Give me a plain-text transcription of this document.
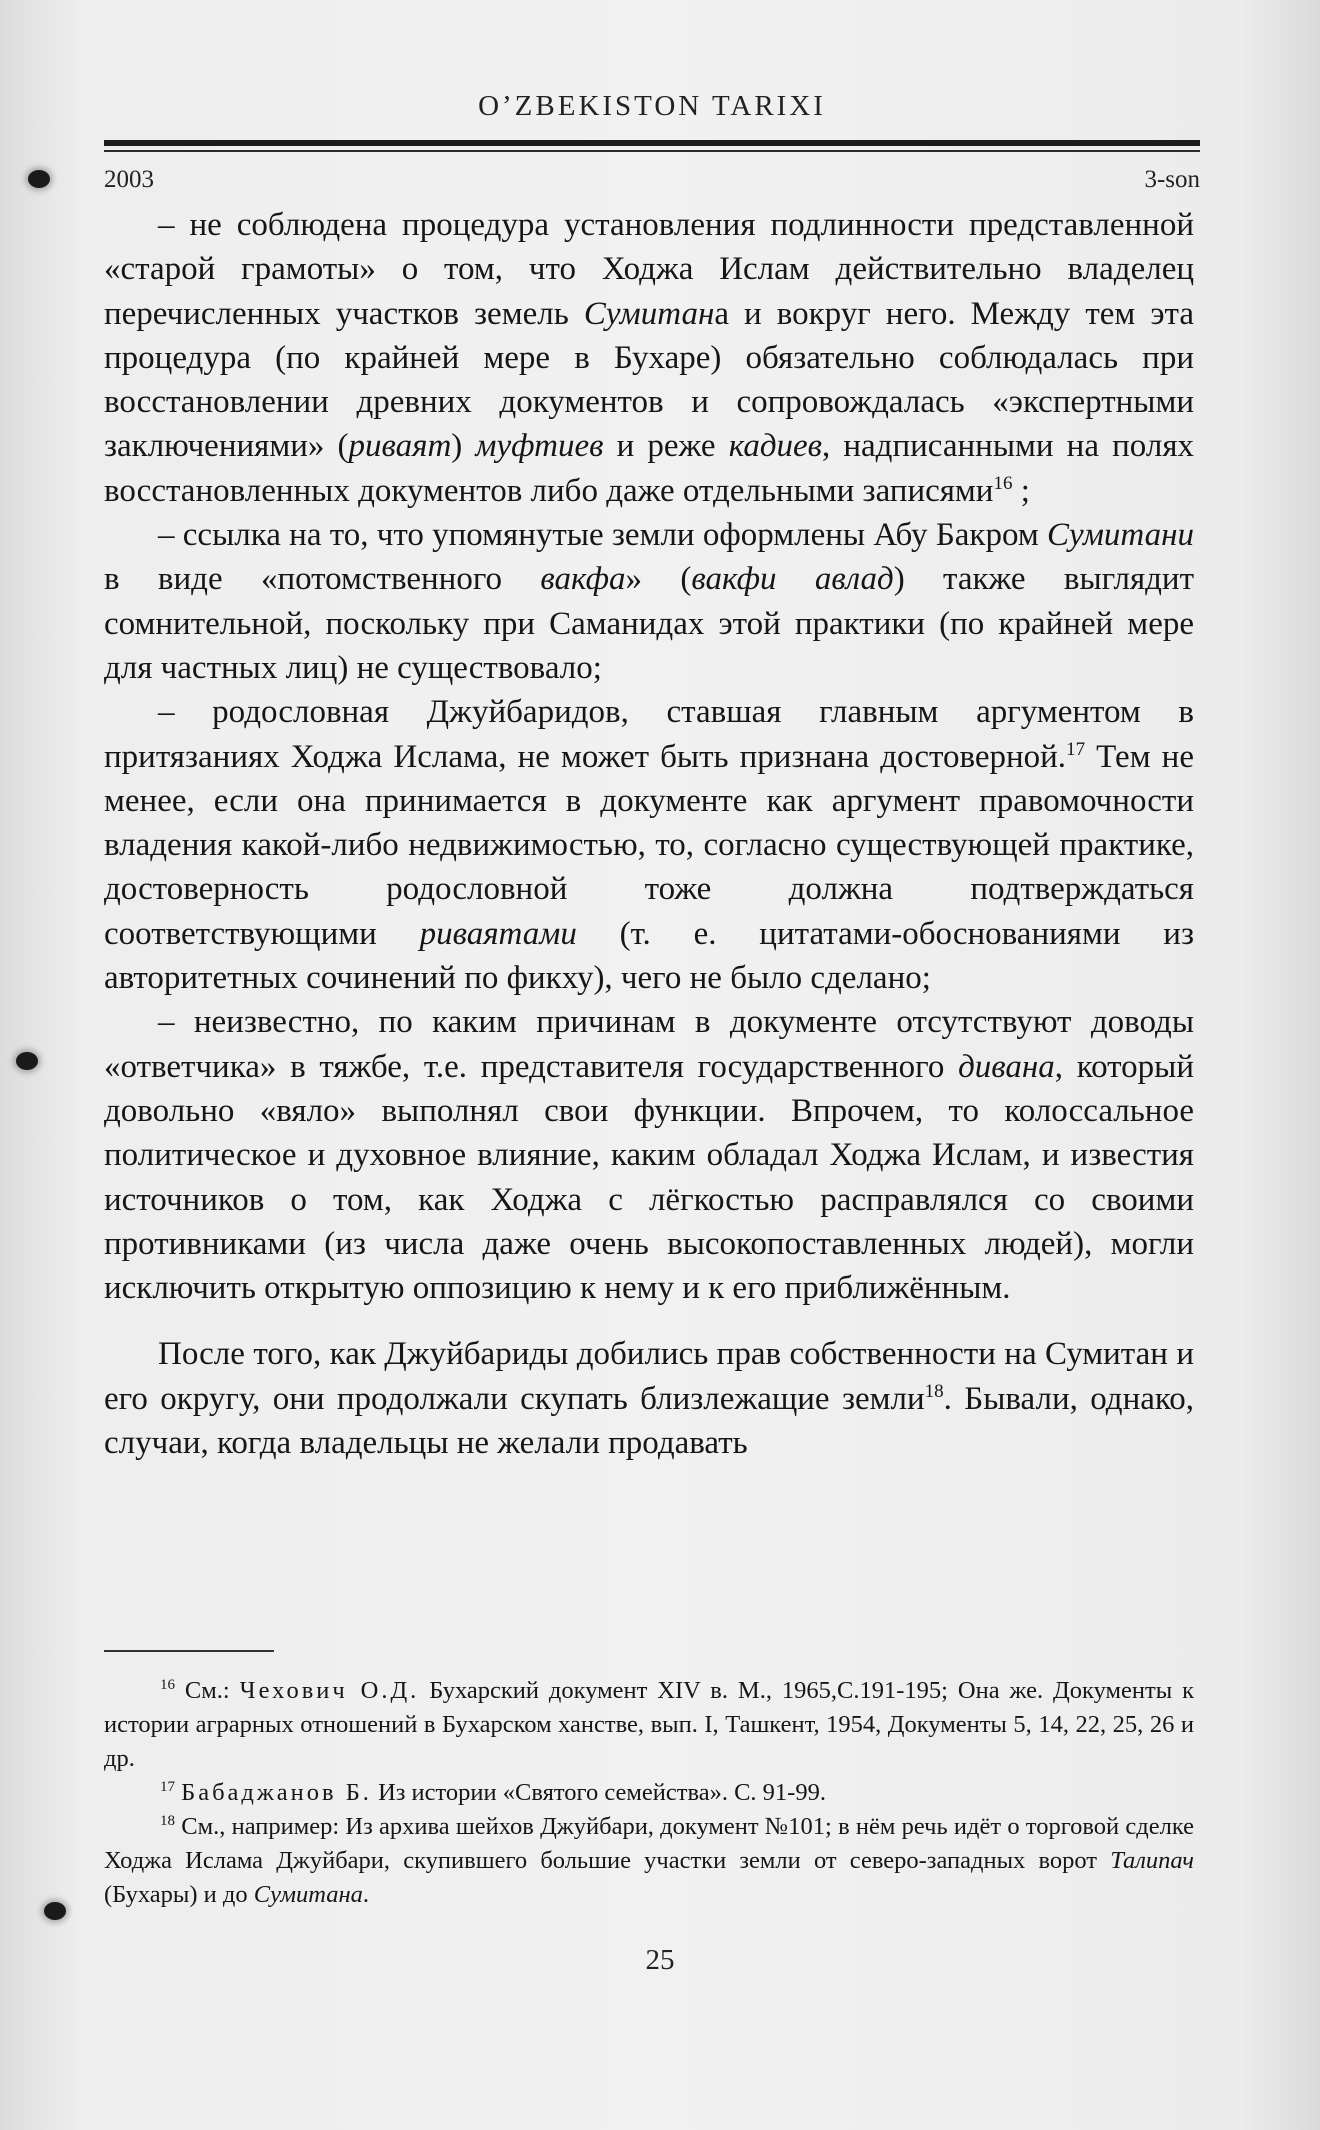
O’ZBEKISTON TARIXI
2003	3-son

– не соблюдена процедура установления подлинности представленной «старой грамоты» о том, что Ходжа Ислам действительно владелец перечисленных участков земель Сумитана и вокруг него. Между тем эта процедура (по крайней мере в Бухаре) обязательно соблюдалась при восстановлении древних документов и сопровождалась «экспертными заключениями» (риваят) муфтиев и реже кадиев, надписанными на полях восстановленных документов либо даже отдельными записями$^{16}$ ;

– ссылка на то, что упомянутые земли оформлены Абу Бакром Сумитани в виде «потомственного вакфа» (вакфи авлад) также выглядит сомнительной, поскольку при Саманидах этой практики (по крайней мере для частных лиц) не существовало;

– родословная Джуйбаридов, ставшая главным аргументом в притязаниях Ходжа Ислама, не может быть признана достоверной.$^{17}$ Тем не менее, если она принимается в документе как аргумент правомочности владения какой-либо недвижимостью, то, согласно существующей практике, достоверность родословной тоже должна подтверждаться соответствующими риваятами (т. е. цитатами-обоснованиями из авторитетных сочинений по фикху), чего не было сделано;

– неизвестно, по каким причинам в документе отсутствуют доводы «ответчика» в тяжбе, т.е. представителя государственного дивана, который довольно «вяло» выполнял свои функции. Впрочем, то колоссальное политическое и духовное влияние, каким обладал Ходжа Ислам, и известия источников о том, как Ходжа с лёгкостью расправлялся со своими противниками (из числа даже очень высокопоставленных людей), могли исключить открытую оппозицию к нему и к его приближённым.

После того, как Джуйбариды добились прав собственности на Сумитан и его округу, они продолжали скупать близлежащие земли$^{18}$. Бывали, однако, случаи, когда владельцы не желали продавать

$^{16}$ См.: Чехович О.Д. Бухарский документ XIV в. М., 1965,С.191-195; Она же. Документы к истории аграрных отношений в Бухарском ханстве, вып. I, Ташкент, 1954, Документы 5, 14, 22, 25, 26 и др.

$^{17}$ Бабаджанов Б. Из истории «Святого семейства». С. 91-99.

$^{18}$ См., например: Из архива шейхов Джуйбари, документ №101; в нём речь идёт о торговой сделке Ходжа Ислама Джуйбари, скупившего большие участки земли от северо-западных ворот Талипач (Бухары) и до Сумитана.

25
